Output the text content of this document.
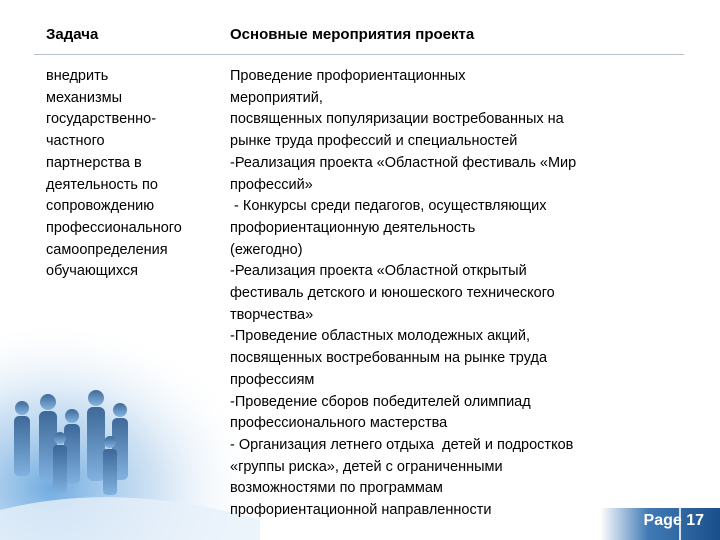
Задача	Основные мероприятия проекта
внедрить
механизмы
государственно-
частного
партнерства в
деятельность по
сопровождению
профессионального
самоопределения
обучающихся
Проведение профориентационных
мероприятий,
посвященных популяризации востребованных на
рынке труда профессий и специальностей
-Реализация проекта «Областной фестиваль «Мир
профессий»
- Конкурсы среди педагогов, осуществляющих
профориентационную деятельность
(ежегодно)
-Реализация проекта «Областной открытый
фестиваль детского и юношеского технического
творчества»
-Проведение областных молодежных акций,
посвященных востребованным на рынке труда
профессиям
-Проведение сборов победителей олимпиад
профессионального мастерства
- Организация летнего отдыха  детей и подростков
«группы риска», детей с ограниченными
возможностями по программам
профориентационной направленности
Page 17
